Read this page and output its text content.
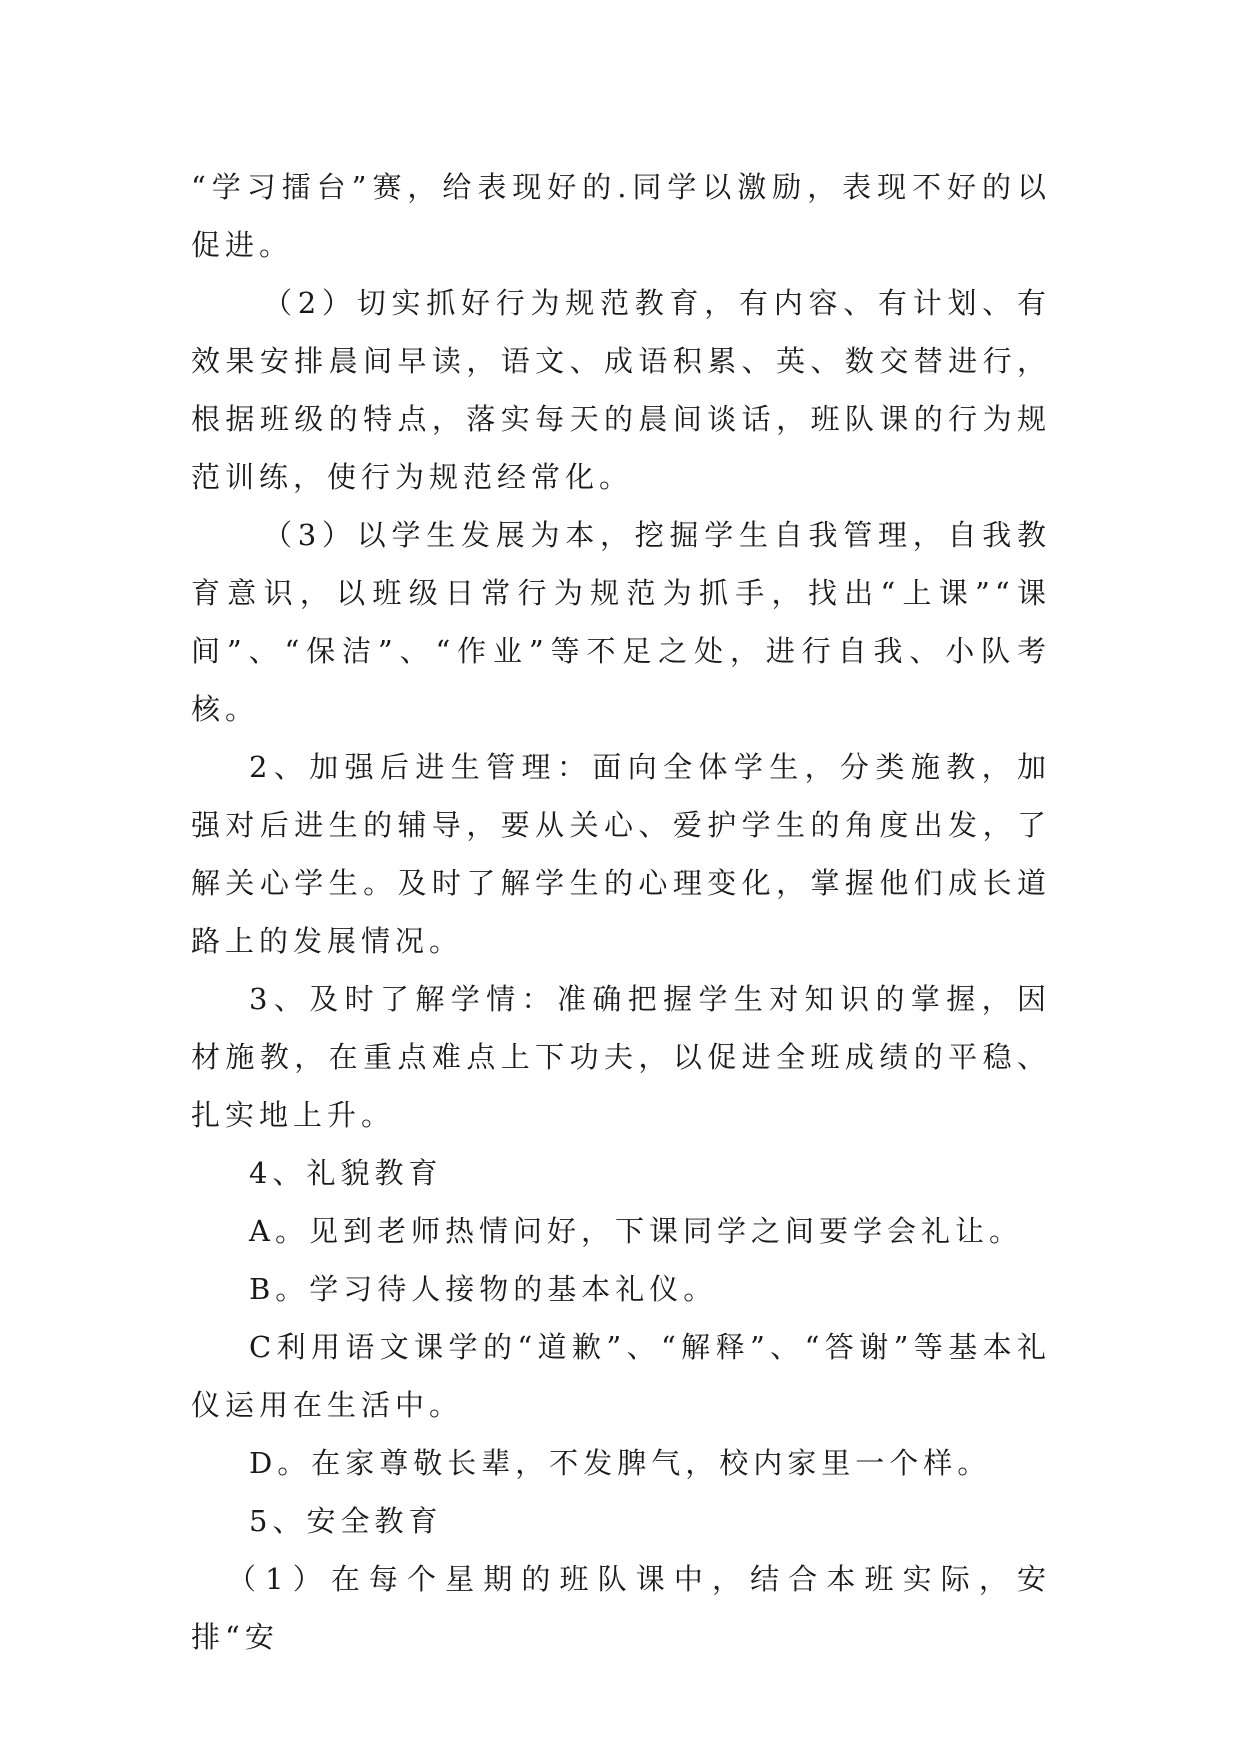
“学习擂台”赛，给表现好的.同学以激励，表现不好的以促进。

（2）切实抓好行为规范教育，有内容、有计划、有效果安排晨间早读，语文、成语积累、英、数交替进行，根据班级的特点，落实每天的晨间谈话，班队课的行为规范训练，使行为规范经常化。

（3）以学生发展为本，挖掘学生自我管理，自我教育意识，以班级日常行为规范为抓手，找出“上课”“课间”、“保洁”、“作业”等不足之处，进行自我、小队考核。

2、加强后进生管理：面向全体学生，分类施教，加强对后进生的辅导，要从关心、爱护学生的角度出发，了解关心学生。及时了解学生的心理变化，掌握他们成长道路上的发展情况。

3、及时了解学情：准确把握学生对知识的掌握，因材施教，在重点难点上下功夫，以促进全班成绩的平稳、扎实地上升。

4、礼貌教育

A。见到老师热情问好，下课同学之间要学会礼让。

B。学习待人接物的基本礼仪。

C利用语文课学的“道歉”、“解释”、“答谢”等基本礼仪运用在生活中。

D。在家尊敬长辈，不发脾气，校内家里一个样。

5、安全教育

（1）在每个星期的班队课中，结合本班实际，安排“安
